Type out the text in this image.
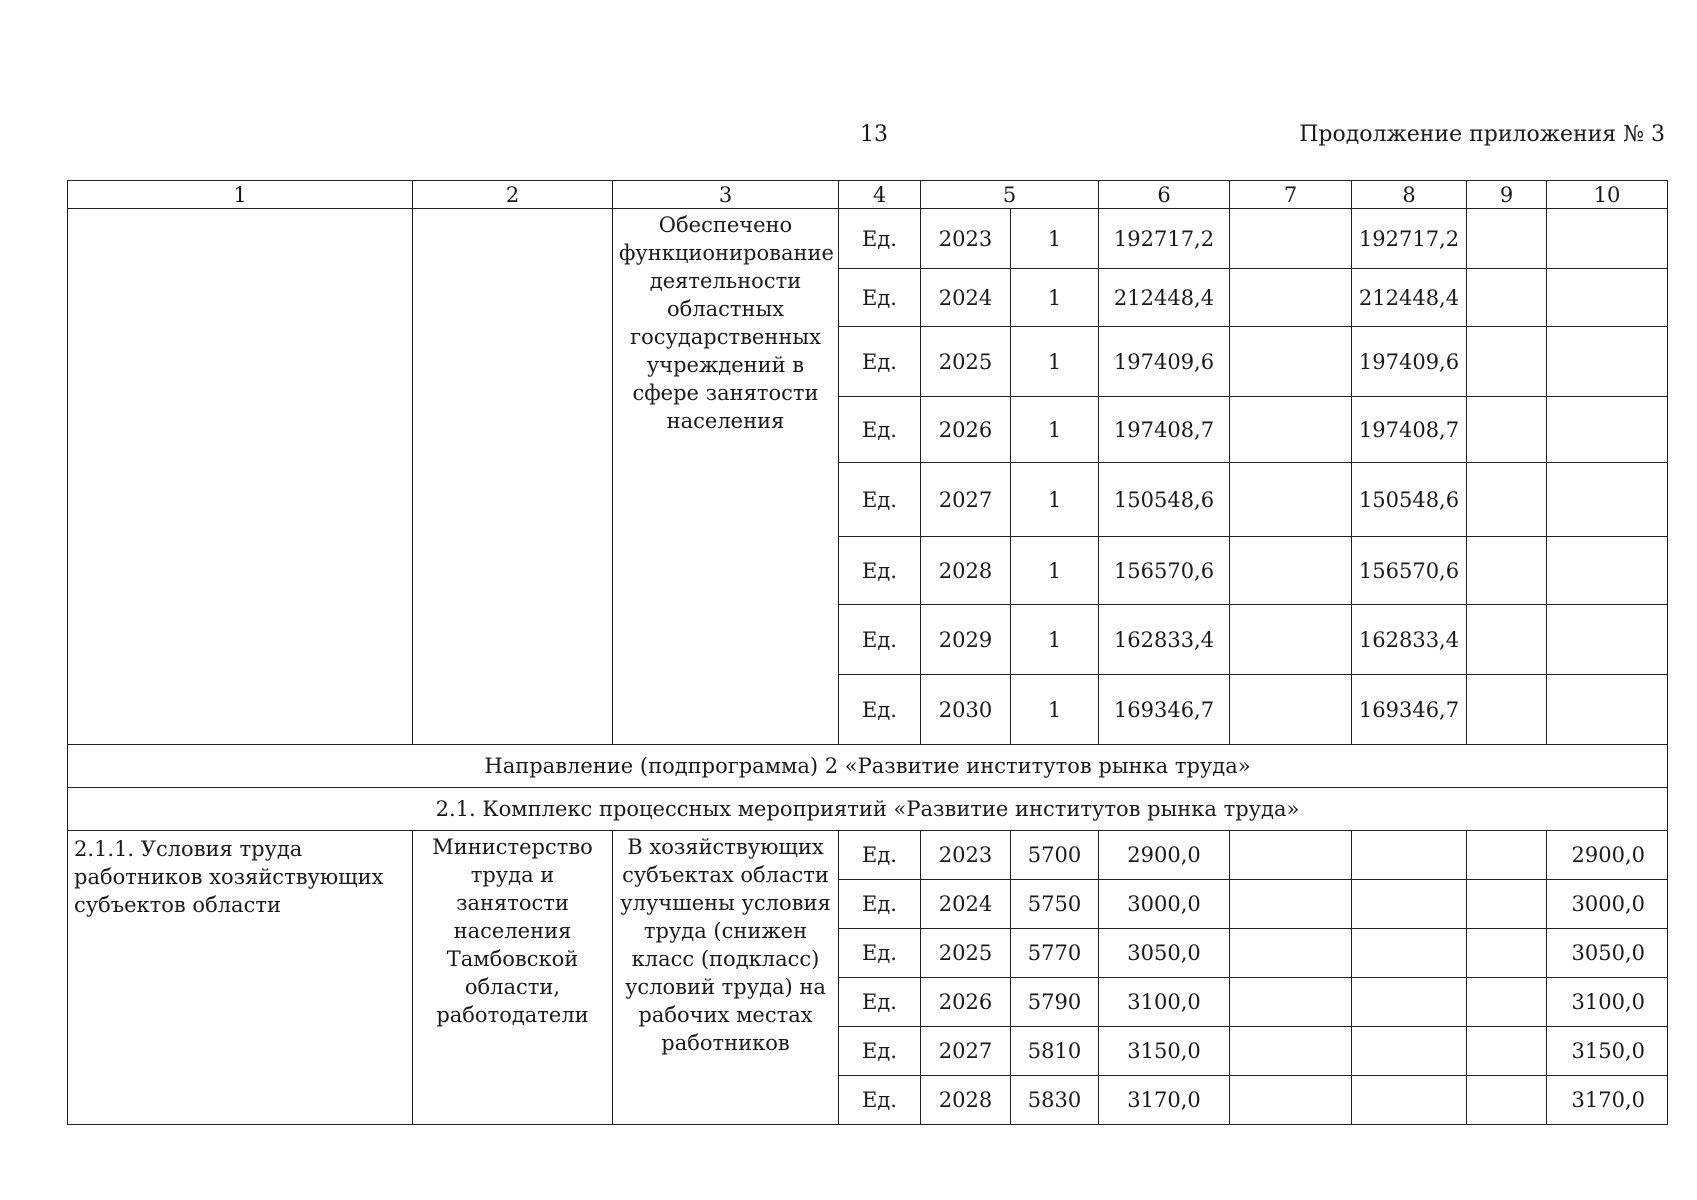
13	Продолжение приложения № 3
1	2	3	4	5		6	7	8	9	10
		Обеспечено функционирование деятельности областных государственных учреждений в сфере занятости населения	Ед.	2023	1	192717,2		192717,2		
			Ед.	2024	1	212448,4		212448,4		
			Ед.	2025	1	197409,6		197409,6		
			Ед.	2026	1	197408,7		197408,7		
			Ед.	2027	1	150548,6		150548,6		
			Ед.	2028	1	156570,6		156570,6		
			Ед.	2029	1	162833,4		162833,4		
			Ед.	2030	1	169346,7		169346,7		
Направление (подпрограмма) 2 «Развитие институтов рынка труда»										
2.1. Комплекс процессных мероприятий «Развитие институтов рынка труда»										
2.1.1. Условия труда работников хозяйствующих субъектов области	Министерство труда и занятости населения Тамбовской области, работодатели	В хозяйствующих субъектах области улучшены условия труда (снижен класс (подкласс) условий труда) на рабочих местах работников	Ед.	2023	5700	2900,0				2900,0
			Ед.	2024	5750	3000,0				3000,0
			Ед.	2025	5770	3050,0				3050,0
			Ед.	2026	5790	3100,0				3100,0
			Ед.	2027	5810	3150,0				3150,0
			Ед.	2028	5830	3170,0				3170,0
